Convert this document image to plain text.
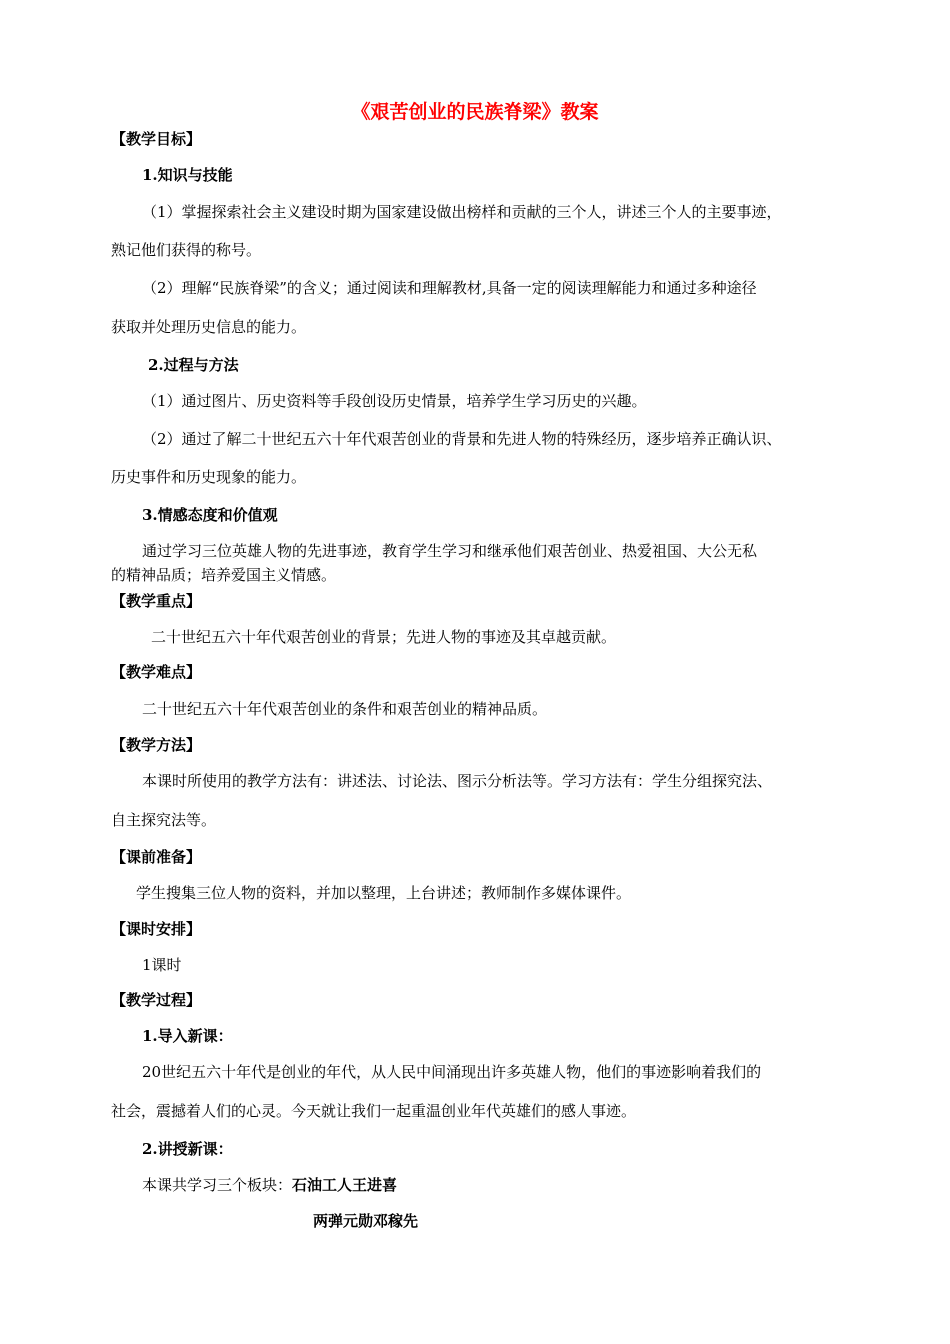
《艰苦创业的民族脊梁》教案
【教学目标】
1.知识与技能
（1）掌握探索社会主义建设时期为国家建设做出榜样和贡献的三个人，讲述三个人的主要事迹，
熟记他们获得的称号。
（2）理解“民族脊梁”的含义；通过阅读和理解教材,具备一定的阅读理解能力和通过多种途径
获取并处理历史信息的能力。
2.过程与方法
（1）通过图片、历史资料等手段创设历史情景，培养学生学习历史的兴趣。
（2）通过了解二十世纪五六十年代艰苦创业的背景和先进人物的特殊经历，逐步培养正确认识、
历史事件和历史现象的能力。
3.情感态度和价值观
通过学习三位英雄人物的先进事迹，教育学生学习和继承他们艰苦创业、热爱祖国、大公无私
的精神品质；培养爱国主义情感。
【教学重点】
二十世纪五六十年代艰苦创业的背景；先进人物的事迹及其卓越贡献。
【教学难点】
二十世纪五六十年代艰苦创业的条件和艰苦创业的精神品质。
【教学方法】
本课时所使用的教学方法有：讲述法、讨论法、图示分析法等。学习方法有：学生分组探究法、
自主探究法等。
【课前准备】
学生搜集三位人物的资料，并加以整理，上台讲述；教师制作多媒体课件。
【课时安排】
1课时
【教学过程】
1.导入新课：
20世纪五六十年代是创业的年代，从人民中间涌现出许多英雄人物，他们的事迹影响着我们的
社会，震撼着人们的心灵。今天就让我们一起重温创业年代英雄们的感人事迹。
2.讲授新课：
本课共学习三个板块：石油工人王进喜
两弹元勋邓稼先
